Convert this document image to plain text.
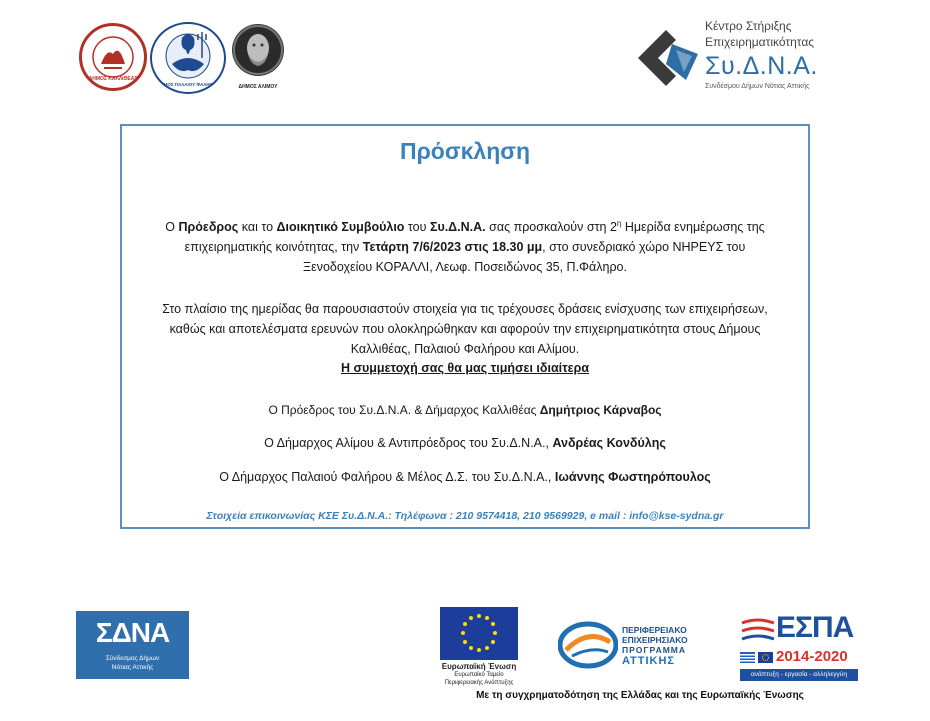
ΔΗΜΟΣ ΚΑΛΛΙΘΕΑΣ
ΔΗΜΟΣ ΠΑΛΑΙΟΥ ΦΑΛΗΡΟΥ	ΔΗΜΟΣ ΑΛΙΜΟΥ
Κέντρο Στήριξης
Επιχειρηματικότητας
Συ.Δ.Ν.Α.
Συνδέσμου Δήμων Νότιας Αττικής
Πρόσκληση
Ο Πρόεδρος και το Διοικητικό Συμβούλιο του Συ.Δ.Ν.Α. σας προσκαλούν στη $2^\eta$ Ημερίδα ενημέρωσης της
επιχειρηματικής κοινότητας, την Τετάρτη 7/6/2023 στις 18.30 μμ, στο συνεδριακό χώρο ΝΗΡΕΥΣ του
Ξενοδοχείου ΚΟΡΑΛΛΙ, Λεωφ. Ποσειδώνος 35, Π.Φάληρο.
Στο πλαίσιο της ημερίδας θα παρουσιαστούν στοιχεία για τις τρέχουσες δράσεις ενίσχυσης των επιχειρήσεων,
καθώς και αποτελέσματα ερευνών που ολοκληρώθηκαν και αφορούν την επιχειρηματικότητα στους Δήμους
Καλλιθέας, Παλαιού Φαλήρου και Αλίμου.
Η συμμετοχή σας θα μας τιμήσει ιδιαίτερα
Ο Πρόεδρος του Συ.Δ.Ν.Α. & Δήμαρχος Καλλιθέας Δημήτριος Κάρναβος
Ο Δήμαρχος Αλίμου & Αντιπρόεδρος του Συ.Δ.Ν.Α., Ανδρέας Κονδύλης
Ο Δήμαρχος Παλαιού Φαλήρου & Μέλος Δ.Σ. του Συ.Δ.Ν.Α., Ιωάννης Φωστηρόπουλος
Στοιχεία επικοινωνίας ΚΣΕ Συ.Δ.Ν.Α.: Τηλέφωνα : 210 9574418, 210 9569929, e mail : info@kse-sydna.gr
ΣΔΝΑ
Σύνδεσμος Δήμων
Νότιας Αττικής	Ευρωπαϊκή Ένωση
Ευρωπαϊκό Ταμείο
Περιφερειακής Ανάπτυξης
ΠΕΡΙΦΕΡΕΙΑΚΟ
ΕΠΙΧΕΙΡΗΣΙΑΚΟ
ΠΡΟΓΡΑΜΜΑ
ΑΤΤΙΚΗΣ
ΕΣΠΑ
2014-2020
ανάπτυξη - εργασία - αλληλεγγύη
Με τη συγχρηματοδότηση της Ελλάδας και της Ευρωπαϊκής Ένωσης
